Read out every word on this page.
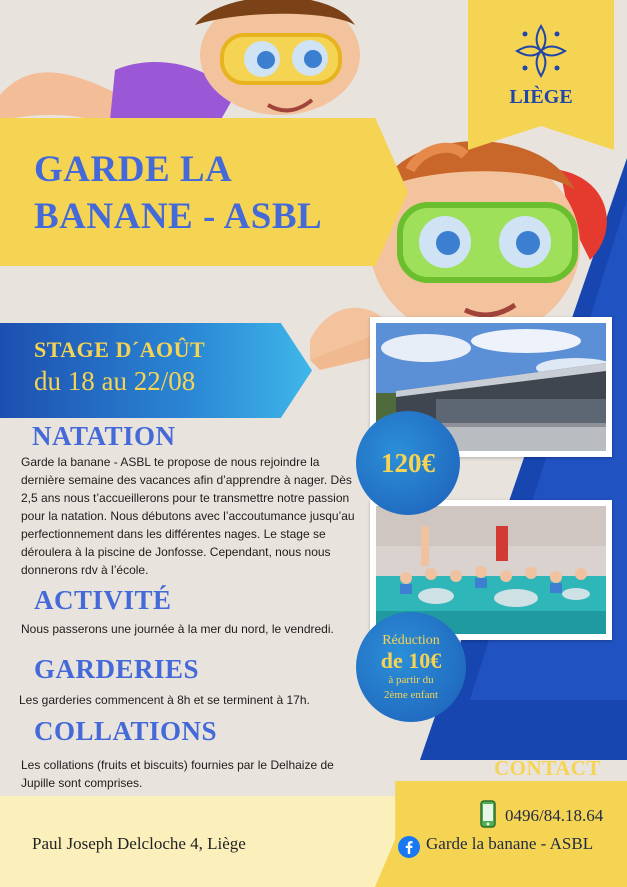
GARDE LA
BANANE - ASBL
LIÈGE
STAGE D´AOÛT
du 18 au 22/08
120€
Réduction
de 10€
à partir du
2ème enfant
NATATION
Garde la banane - ASBL te propose de nous rejoindre la dernière semaine des vacances afin d’apprendre à nager. Dès 2,5 ans nous t’accueillerons pour te transmettre notre passion pour la natation. Nous débutons avec l’accoutumance jusqu’au perfectionnement dans les différentes nages. Le stage se déroulera à la piscine de Jonfosse. Cependant, nous nous donnerons rdv à l’école.
ACTIVITÉ
Nous passerons une journée à la mer du nord, le vendredi.
GARDERIES
Les garderies commencent à 8h et se terminent à 17h.
COLLATIONS
Les collations (fruits et biscuits) fournies par le Delhaize de Jupille sont comprises.
CONTACT
Paul Joseph Delcloche 4, Liège
0496/84.18.64
Garde la banane - ASBL
